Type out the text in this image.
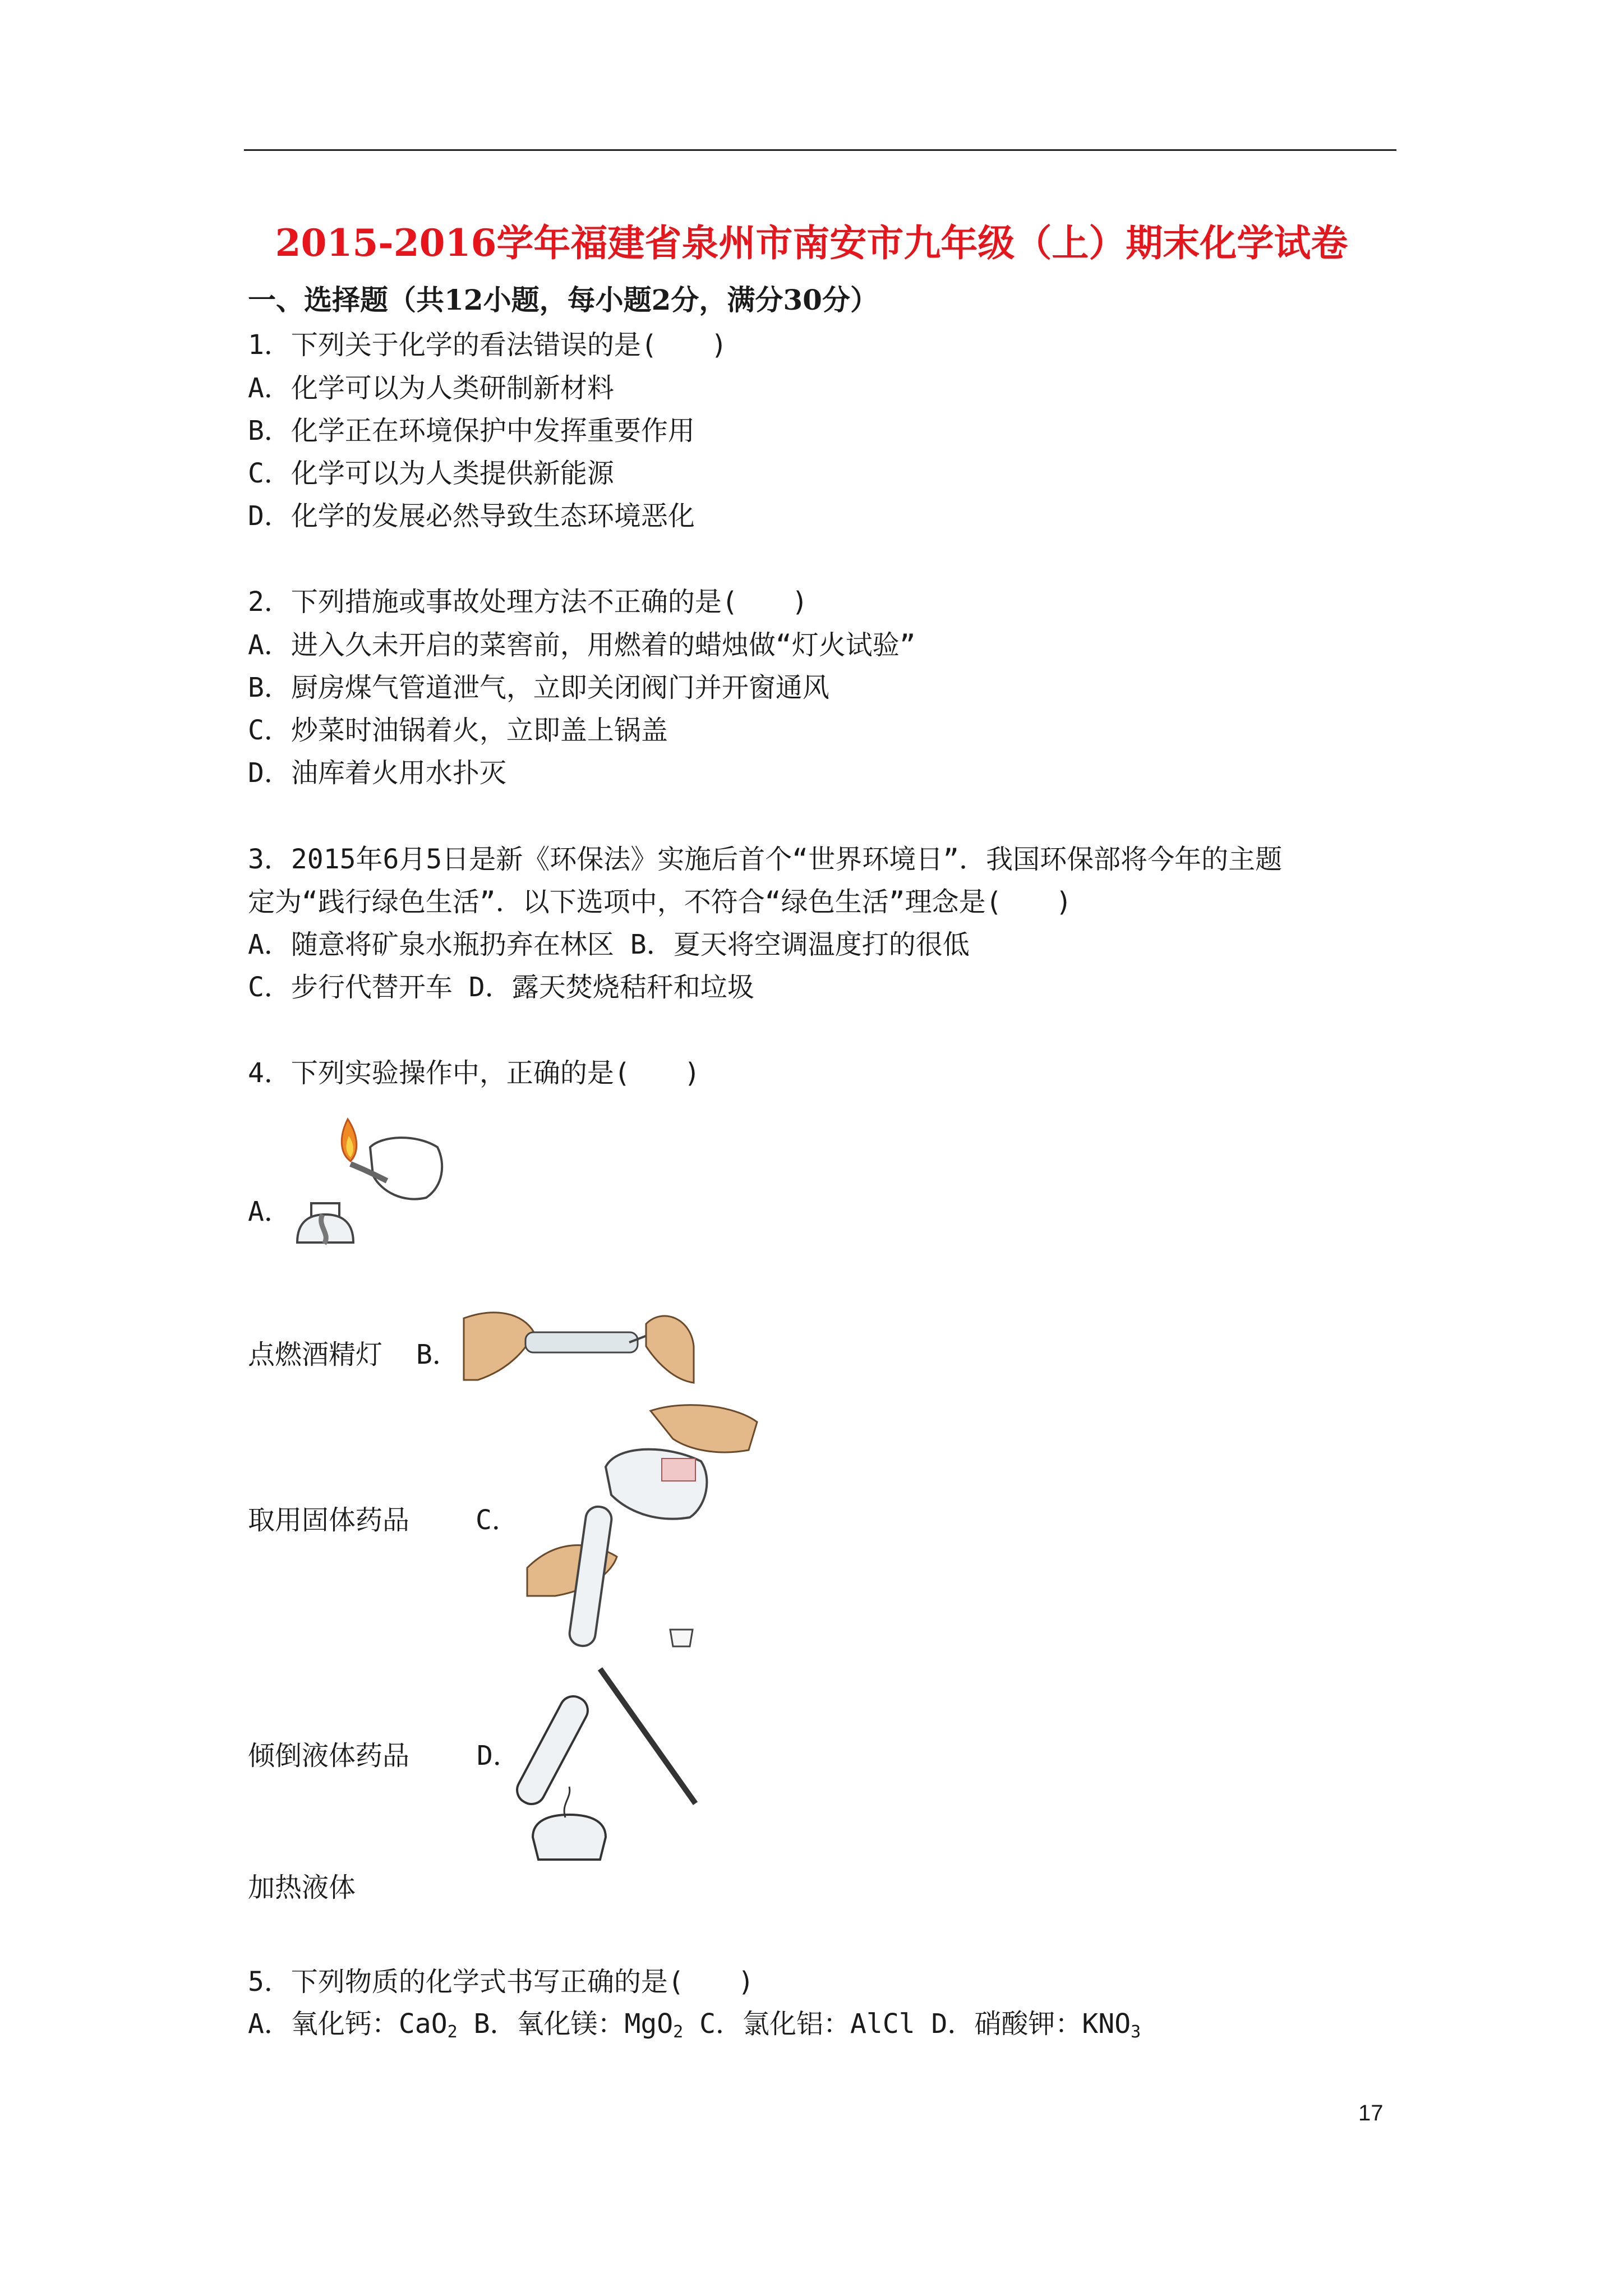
2015-2016学年福建省泉州市南安市九年级（上）期末化学试卷
一、选择题（共12小题，每小题2分，满分30分）
1．下列关于化学的看法错误的是(　　)
A．化学可以为人类研制新材料
B．化学正在环境保护中发挥重要作用
C．化学可以为人类提供新能源
D．化学的发展必然导致生态环境恶化
2．下列措施或事故处理方法不正确的是(　　)
A．进入久未开启的菜窖前，用燃着的蜡烛做“灯火试验”
B．厨房煤气管道泄气，立即关闭阀门并开窗通风
C．炒菜时油锅着火，立即盖上锅盖
D．油库着火用水扑灭
3．2015年6月5日是新《环保法》实施后首个“世界环境日”．我国环保部将今年的主题
定为“践行绿色生活”．以下选项中，不符合“绿色生活”理念是(　　)
A．随意将矿泉水瓶扔弃在林区 B．夏天将空调温度打的很低
C．步行代替开车 D．露天焚烧秸秆和垃圾
4．下列实验操作中，正确的是(　　)
A．
点燃酒精灯 B．
取用固体药品 C．
倾倒液体药品 D．
加热液体
5．下列物质的化学式书写正确的是(　　)
A．氧化钙：CaO$_2$ B．氧化镁：MgO$_2$ C．氯化铝：AlCl D．硝酸钾：$KNO_3$
17
